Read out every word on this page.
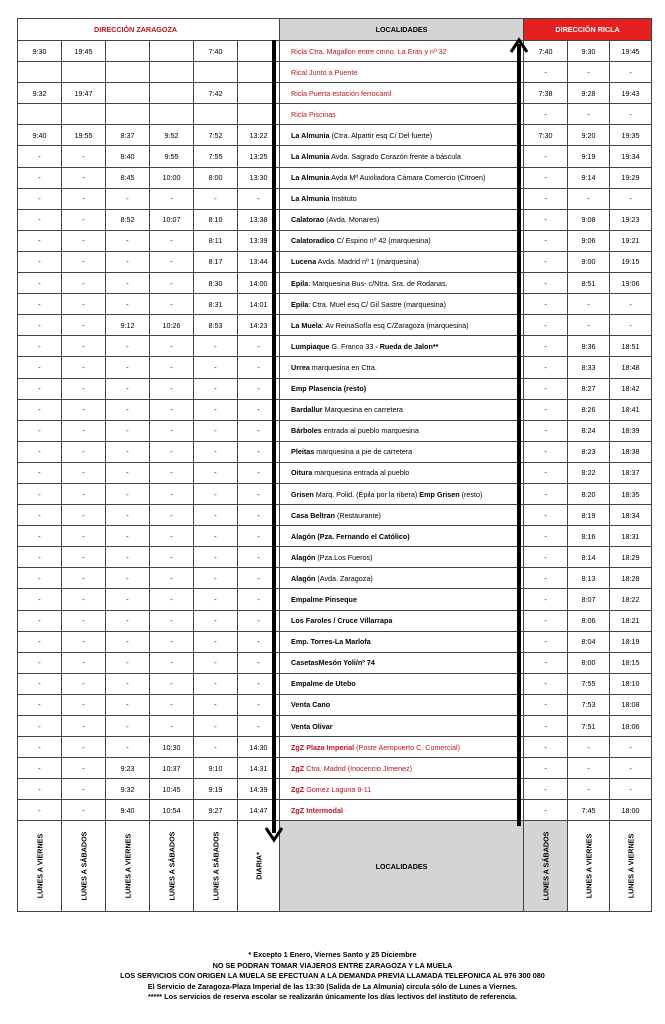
DIRECCIÓN ZARAGOZA						LOCALIDADES	DIRECCIÓN RICLA		
9:30	19:45			7:40		Ricla Ctra. Magallon entre cmno. La Eras y nº 32	7:40	9:30	19:45
						Rical Junto a Puente	-	-	-
9:32	19:47			7:42		Ricla Puerta estación ferrocarril	7:38	9:28	19:43
						Ricla Piscinas	-	-	-
9:40	19:55	8:37	9:52	7:52	13:22	La Almunia (Ctra. Alpartir esq C/ Del fuerte)	7:30	9:20	19:35
-	-	8:40	9:55	7:55	13:25	La Almunia Avda. Sagrado Corazón frente a báscula	-	9:19	19:34
-	-	8:45	10:00	8:00	13:30	La Almunia Avda Mª Auxiliadora Cámara Comercio (Citroen)	-	9:14	19:29
-	-	-	-	-	-	La Almunia Instituto	-	-	-
-	-	8:52	10:07	8:10	13:38	Calatorao (Avda. Monares)	-	9:08	19:23
-	-	-	-	8:11	13:39	Calatoradico C/ Espino nº 42 (marquesina)	-	9:06	19:21
-	-	-	-	8:17	13:44	Lucena Avda. Madrid nº 1 (marquesina)	-	9:00	19:15
-	-	-	-	8:30	14:00	Epila: Marquesina Bus- c/Ntra. Sra. de Rodanas.	-	8:51	19:06
-	-	-	-	8:31	14:01	Epila: Ctra. Muel esq C/ Gil Sastre (marquesina)	-	-	-
-	-	9:12	10:26	8:53	14:23	La Muela: Av ReinaSofía esq C/Zaragoza (marquesina)	-	-	-
-	-	-	-	-	-	Lumpiaque G. Franco 33 - Rueda de Jalon**	-	8:36	18:51
-	-	-	-	-	-	Urrea marquesina en Ctra.	-	8:33	18:48
-	-	-	-	-	-	Emp Plasencia (resto)	-	8:27	18:42
-	-	-	-	-	-	Bardallur Marquesina en carretera	-	8:26	18:41
-	-	-	-	-	-	Bárboles entrada al pueblo marquesina	-	8:24	18:39
-	-	-	-	-	-	Pleitas marquesina a pie de carretera	-	8:23	18:38
-	-	-	-	-	-	Oitura marquesina entrada al pueblo	-	8:22	18:37
-	-	-	-	-	-	Grisen Marq. Polid. (Épila por la ribera) Emp Grisen (resto)	-	8:20	18:35
-	-	-	-	-	-	Casa Beltran (Restaurante)	-	8:19	18:34
-	-	-	-	-	-	Alagón (Pza. Fernando el Católico)	-	8:16	18:31
-	-	-	-	-	-	Alagón (Pza.Los Fueros)	-	8:14	18:29
-	-	-	-	-	-	Alagón (Avda. Zaragoza)	-	8:13	18:28
-	-	-	-	-	-	Empalme Pinseque	-	8:07	18:22
-	-	-	-	-	-	Los Faroles / Cruce Villarrapa	-	8:06	18:21
-	-	-	-	-	-	Emp. Torres-La Marlofa	-	8:04	18:19
-	-	-	-	-	-	CasetasMesón Yoli/nº 74	-	8:00	18:15
-	-	-	-	-	-	Empalme de Utebo	-	7:55	18:10
-	-	-	-	-	-	Venta Cano	-	7:53	18:08
-	-	-	-	-	-	Venta Olivar	-	7:51	18:06
-	-	-	10:30	-	14:30	ZgZ Plaza Imperial (Poste Aeropuerto C. Comercial)	-	-	-
-	-	9:23	10:37	9:10	14:31	ZgZ Ctra. Madrid (Inocencio Jimenez)	-	-	-
-	-	9:32	10:45	9:19	14:39	ZgZ Gomez Laguna 9-11	-	-	-
-	-	9:40	10:54	9:27	14:47	ZgZ Intermodal	-	7:45	18:00

LUNES A VIERNES	LUNES A SÁBADOS	LUNES A VIERNES	LUNES A SÁBADOS	LUNES A SÁBADOS	DIARIA*	LOCALIDADES	LUNES A SÁBADOS	LUNES A VIERNES	LUNES A VIERNES
* Excepto 1 Enero, Viernes Santo y 25 Diciembre
NO SE PODRAN TOMAR VIAJEROS ENTRE ZARAGOZA Y LA MUELA
LOS SERVICIOS CON ORIGEN LA MUELA SE EFECTUAN A LA DEMANDA PREVIA LLAMADA TELEFONICA AL 976 300 080
El Servicio de Zaragoza-Plaza Imperial de las 13:30 (Salida de La Almunia) circula sólo de Lunes a Viernes.
***** Los servicios de reserva escolar se realizarán únicamente los días lectivos del instituto de referencia.
